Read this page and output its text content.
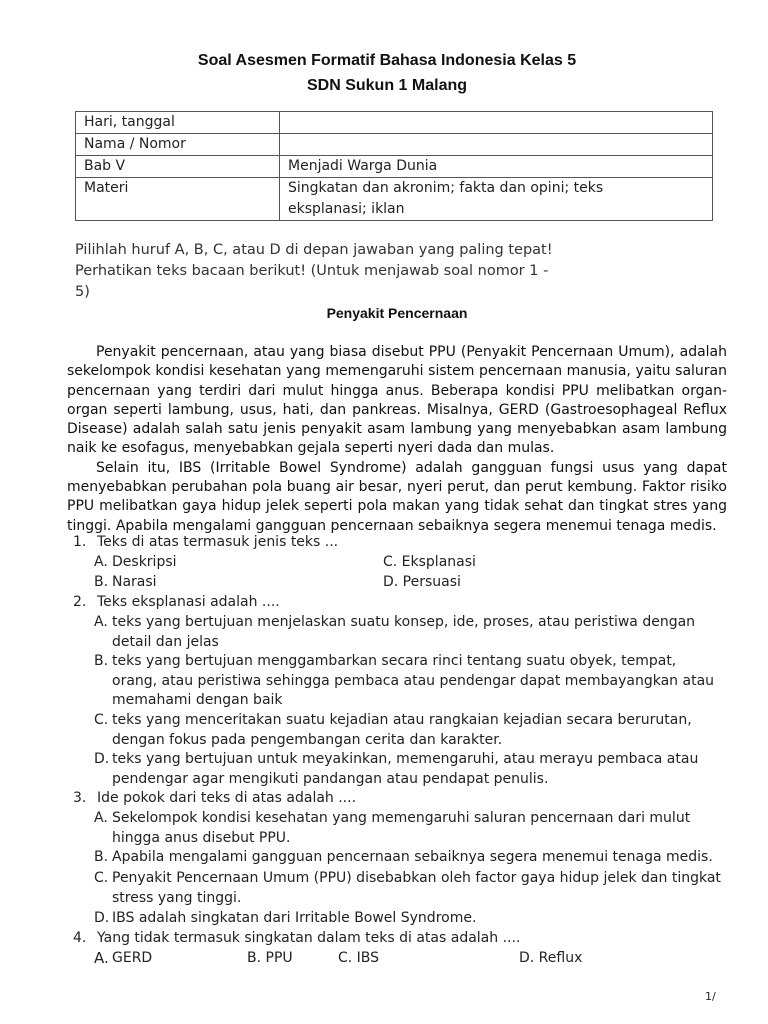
Soal Asesmen Formatif Bahasa Indonesia Kelas 5
SDN Sukun 1 Malang
Hari, tanggal	
Nama / Nomor	
Bab V	Menjadi Warga Dunia
Materi	Singkatan dan akronim; fakta dan opini; teks eksplanasi; iklan
Pilihlah huruf A, B, C, atau D di depan jawaban yang paling tepat! Perhatikan teks bacaan berikut! (Untuk menjawab soal nomor 1 - 5)
Penyakit Pencernaan

Penyakit pencernaan, atau yang biasa disebut PPU (Penyakit Pencernaan Umum), adalah sekelompok kondisi kesehatan yang memengaruhi sistem pencernaan manusia, yaitu saluran pencernaan yang terdiri dari mulut hingga anus. Beberapa kondisi PPU melibatkan organ-organ seperti lambung, usus, hati, dan pankreas. Misalnya, GERD (Gastroesophageal Reflux Disease) adalah salah satu jenis penyakit asam lambung yang menyebabkan asam lambung naik ke esofagus, menyebabkan gejala seperti nyeri dada dan mulas.

Selain itu, IBS (Irritable Bowel Syndrome) adalah gangguan fungsi usus yang dapat menyebabkan perubahan pola buang air besar, nyeri perut, dan perut kembung. Faktor risiko PPU melibatkan gaya hidup jelek seperti pola makan yang tidak sehat dan tingkat stres yang tinggi. Apabila mengalami gangguan pencernaan sebaiknya segera menemui tenaga medis.

1. Teks di atas termasuk jenis teks ...
A. Deskripsi
B. Narasi
C. Eksplanasi
D. Persuasi
2. Teks eksplanasi adalah ....
A. teks yang bertujuan menjelaskan suatu konsep, ide, proses, atau peristiwa dengan detail dan jelas
B. teks yang bertujuan menggambarkan secara rinci tentang suatu obyek, tempat, orang, atau peristiwa sehingga pembaca atau pendengar dapat membayangkan atau memahami dengan baik
C. teks yang menceritakan suatu kejadian atau rangkaian kejadian secara berurutan, dengan fokus pada pengembangan cerita dan karakter.
D. teks yang bertujuan untuk meyakinkan, memengaruhi, atau merayu pembaca atau pendengar agar mengikuti pandangan atau pendapat penulis.
3. Ide pokok dari teks di atas adalah ....
A. Sekelompok kondisi kesehatan yang memengaruhi saluran pencernaan dari mulut hingga anus disebut PPU.
B. Apabila mengalami gangguan pencernaan sebaiknya segera menemui tenaga medis.
C. Penyakit Pencernaan Umum (PPU) disebabkan oleh factor gaya hidup jelek dan tingkat stress yang tinggi.
D. IBS adalah singkatan dari Irritable Bowel Syndrome.
4. Yang tidak termasuk singkatan dalam teks di atas adalah ....
A. GERD	B. PPU	C. IBS	D. Reflux
1/
